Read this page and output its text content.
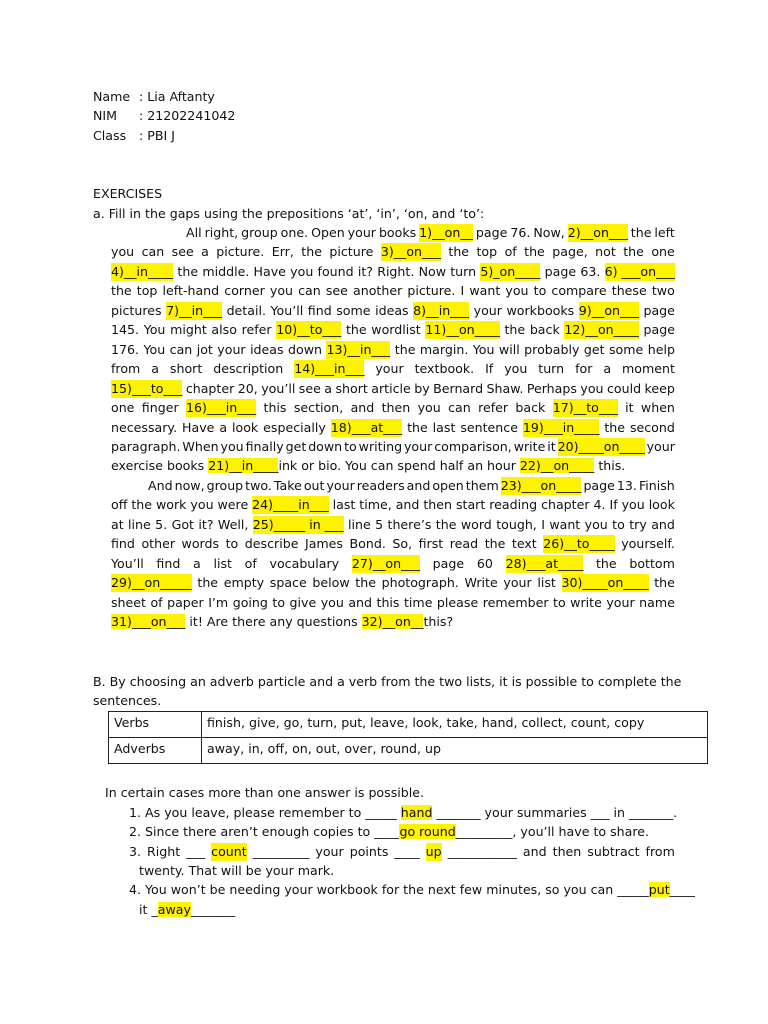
Name : Lia Aftanty
NIM : 21202241042
Class : PBI J
EXERCISES
a. Fill in the gaps using the prepositions ‘at’, ‘in’, ‘on, and ‘to’:
All right, group one. Open your books 1)__on__ page 76. Now, 2)__on___ the left
you can see a picture. Err, the picture 3)__on___ the top of the page, not the one
4)__in____ the middle. Have you found it? Right. Now turn 5)_on____ page 63. 6) ___on___
the top left-hand corner you can see another picture. I want you to compare these two
pictures 7)__in___ detail. You’ll find some ideas 8)__in___ your workbooks 9)__on___ page
145. You might also refer 10)__to___ the wordlist 11)__on____ the back 12)__on____ page
176. You can jot your ideas down 13)__in___ the margin. You will probably get some help
from a short description 14)___in___ your textbook. If you turn for a moment
15)___to___ chapter 20, you’ll see a short article by Bernard Shaw. Perhaps you could keep
one finger 16)___in___ this section, and then you can refer back 17)__to___ it when
necessary. Have a look especially 18)___at___ the last sentence 19)___in____ the second
paragraph. When you finally get down to writing your comparison, write it 20)____on____ your
exercise books 21)__in____ink or bio. You can spend half an hour 22)__on____ this.
And now, group two. Take out your readers and open them 23)___on____ page 13. Finish
off the work you were 24)____in___ last time, and then start reading chapter 4. If you look
at line 5. Got it? Well, 25)_____ in ___ line 5 there’s the word tough, I want you to try and
find other words to describe James Bond. So, first read the text 26)__to____ yourself.
You’ll find a list of vocabulary 27)__on___ page 60 28)___at____ the bottom
29)__on_____ the empty space below the photograph. Write your list 30)____on____ the
sheet of paper I’m going to give you and this time please remember to write your name
31)___on___ it! Are there any questions 32)__on__this?
B. By choosing an adverb particle and a verb from the two lists, it is possible to complete the
sentences.
Verbs	finish, give, go, turn, put, leave, look, take, hand, collect, count, copy
Adverbs	away, in, off, on, out, over, round, up
In certain cases more than one answer is possible.
1. As you leave, please remember to _____ hand _______ your summaries ___ in _______.
2. Since there aren’t enough copies to ____go round_________, you’ll have to share.
3. Right ___ count _________ your points ____ up ___________ and then subtract from
twenty. That will be your mark.
4. You won’t be needing your workbook for the next few minutes, so you can _____put____
it _away_______
